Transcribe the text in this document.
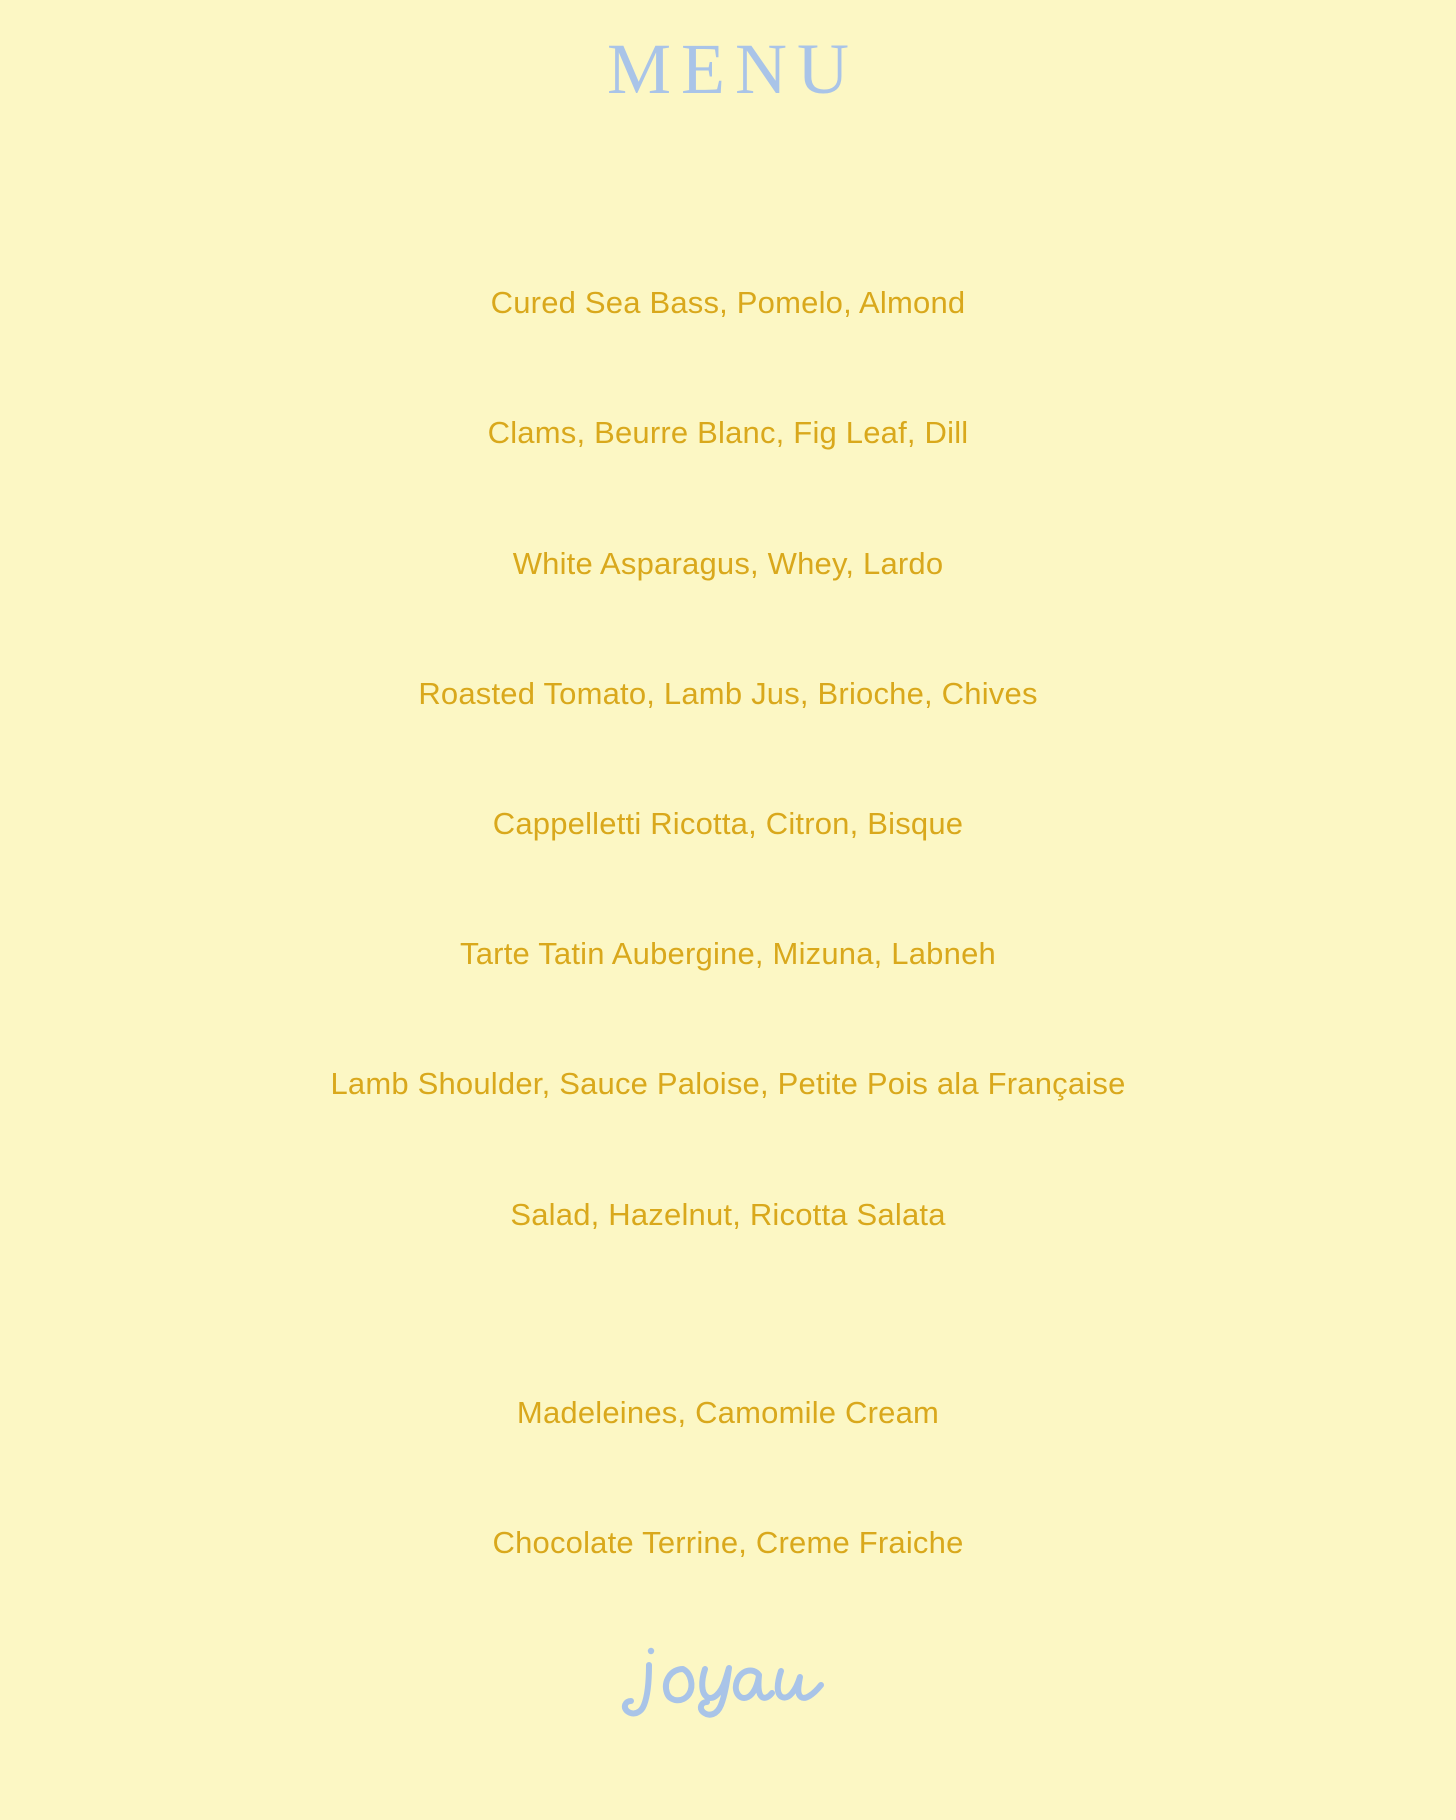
MENU

Cured Sea Bass, Pomelo, Almond

Clams, Beurre Blanc, Fig Leaf, Dill

White Asparagus, Whey, Lardo

Roasted Tomato, Lamb Jus, Brioche, Chives

Cappelletti Ricotta, Citron, Bisque

Tarte Tatin Aubergine, Mizuna, Labneh

Lamb Shoulder, Sauce Paloise, Petite Pois ala Française

Salad, Hazelnut, Ricotta Salata

Madeleines, Camomile Cream

Chocolate Terrine, Creme Fraiche
